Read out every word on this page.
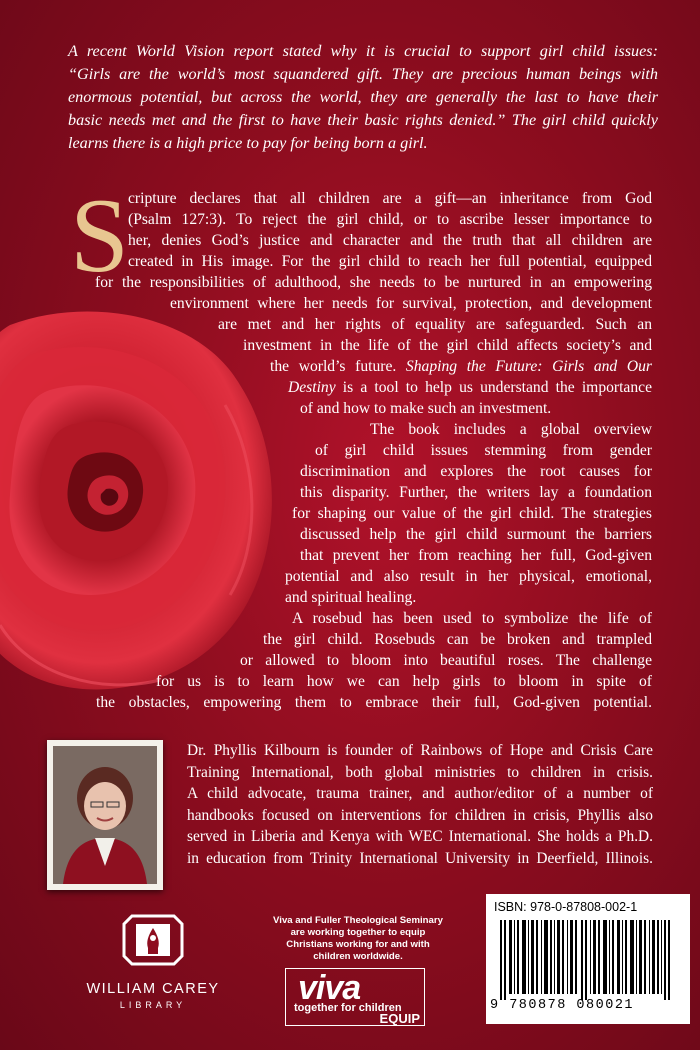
A recent World Vision report stated why it is crucial to support girl child issues:
“Girls are the world’s most squandered gift. They are precious human beings with
enormous potential, but across the world, they are generally the last to have their
basic needs met and the first to have their basic rights denied.” The girl child quickly
learns there is a high price to pay for being born a girl.
S cripture declares that all children are a gift—an inheritance from God
(Psalm 127:3). To reject the girl child, or to ascribe lesser importance to
her, denies God’s justice and character and the truth that all children are
created in His image. For the girl child to reach her full potential, equipped
for the responsibilities of adulthood, she needs to be nurtured in an empowering
environment where her needs for survival, protection, and development
are met and her rights of equality are safeguarded. Such an
investment in the life of the girl child affects society’s and
the world’s future. Shaping the Future: Girls and Our
Destiny is a tool to help us understand the importance
of and how to make such an investment.
The book includes a global overview
of girl child issues stemming from gender
discrimination and explores the root causes for
this disparity. Further, the writers lay a foundation
for shaping our value of the girl child. The strategies
discussed help the girl child surmount the barriers
that prevent her from reaching her full, God-given
potential and also result in her physical, emotional,
and spiritual healing.
A rosebud has been used to symbolize the life of
the girl child. Rosebuds can be broken and trampled
or allowed to bloom into beautiful roses. The challenge
for us is to learn how we can help girls to bloom in spite of
the obstacles, empowering them to embrace their full, God-given potential.
Dr. Phyllis Kilbourn is founder of Rainbows of Hope and Crisis Care
Training International, both global ministries to children in crisis.
A child advocate, trauma trainer, and author/editor of a number of
handbooks focused on interventions for children in crisis, Phyllis also
served in Liberia and Kenya with WEC International. She holds a Ph.D.
in education from Trinity International University in Deerfield, Illinois.
WILLIAM CAREY
LIBRARY
Viva and Fuller Theological Seminary are working together to equip Christians working for and with children worldwide.
viva
together for children
EQUIP
ISBN: 978-0-87808-002-1
9 780878 080021
